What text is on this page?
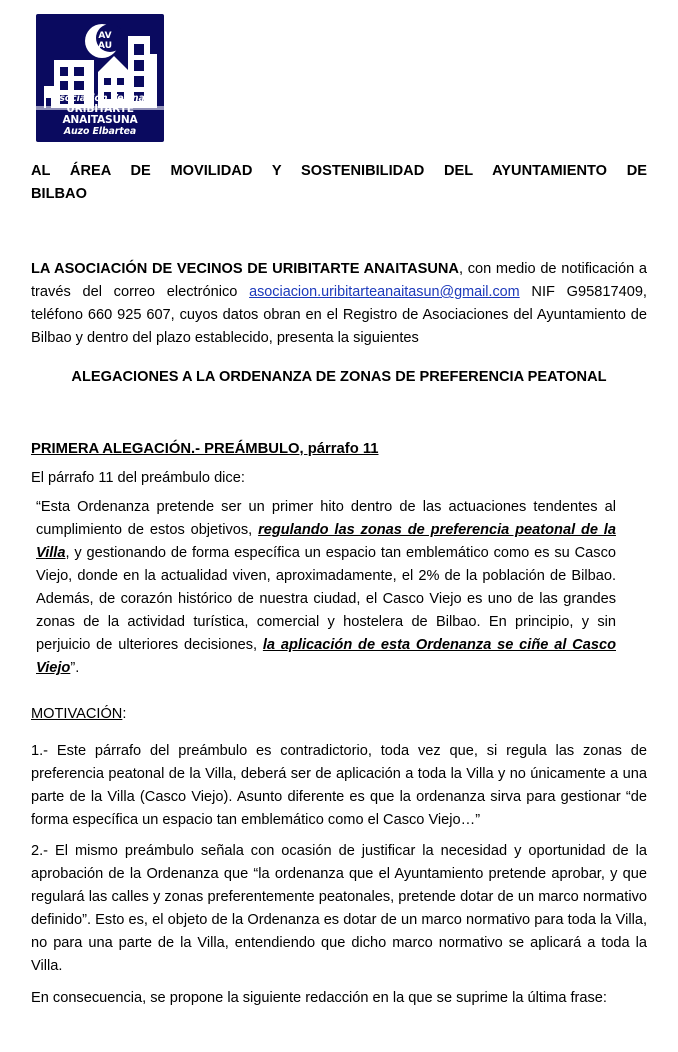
AV
AU
Asociación Vecinal
URIBITARTE ANAITASUNA
Auzo Elbartea
AL ÁREA DE MOVILIDAD Y SOSTENIBILIDAD DEL AYUNTAMIENTO DE
BILBAO

LA ASOCIACIÓN DE VECINOS DE URIBITARTE ANAITASUNA, con medio de notificación a través del correo electrónico asociacion.uribitarteanaitasun@gmail.com NIF G95817409, teléfono 660 925 607, cuyos datos obran en el Registro de Asociaciones del Ayuntamiento de Bilbao y dentro del plazo establecido, presenta la siguientes

ALEGACIONES A LA ORDENANZA DE ZONAS DE PREFERENCIA PEATONAL

PRIMERA ALEGACIÓN.- PREÁMBULO, párrafo 11

El párrafo 11 del preámbulo dice:

“Esta Ordenanza pretende ser un primer hito dentro de las actuaciones tendentes al cumplimiento de estos objetivos, regulando las zonas de preferencia peatonal de la Villa, y gestionando de forma específica un espacio tan emblemático como es su Casco Viejo, donde en la actualidad viven, aproximadamente, el 2% de la población de Bilbao. Además, de corazón histórico de nuestra ciudad, el Casco Viejo es uno de las grandes zonas de la actividad turística, comercial y hostelera de Bilbao. En principio, y sin perjuicio de ulteriores decisiones, la aplicación de esta Ordenanza se ciñe al Casco Viejo”.

MOTIVACIÓN:

1.- Este párrafo del preámbulo es contradictorio, toda vez que, si regula las zonas de preferencia peatonal de la Villa, deberá ser de aplicación a toda la Villa y no únicamente a una parte de la Villa (Casco Viejo). Asunto diferente es que la ordenanza sirva para gestionar “de forma específica un espacio tan emblemático como el Casco Viejo…”

2.- El mismo preámbulo señala con ocasión de justificar la necesidad y oportunidad de la aprobación de la Ordenanza que “la ordenanza que el Ayuntamiento pretende aprobar, y que regulará las calles y zonas preferentemente peatonales, pretende dotar de un marco normativo definido”. Esto es, el objeto de la Ordenanza es dotar de un marco normativo para toda la Villa, no para una parte de la Villa, entendiendo que dicho marco normativo se aplicará a toda la Villa.

En consecuencia, se propone la siguiente redacción en la que se suprime la última frase:
